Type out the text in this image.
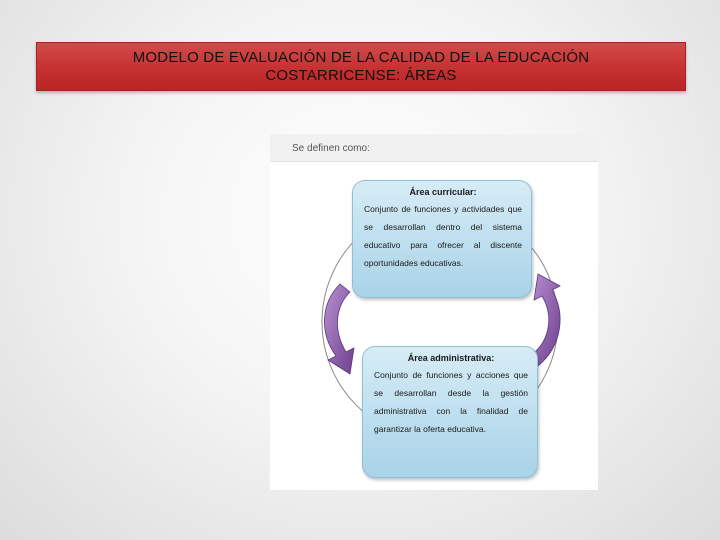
MODELO DE EVALUACIÓN DE LA CALIDAD DE LA EDUCACIÓN
COSTARRICENSE: ÁREAS
Se definen como:
Área curricular:
Conjunto de funciones y actividades que se desarrollan dentro del sistema educativo para ofrecer al discente oportunidades educativas.
Área administrativa:
Conjunto de funciones y acciones que se desarrollan desde la gestión administrativa con la finalidad de garantizar la oferta educativa.
